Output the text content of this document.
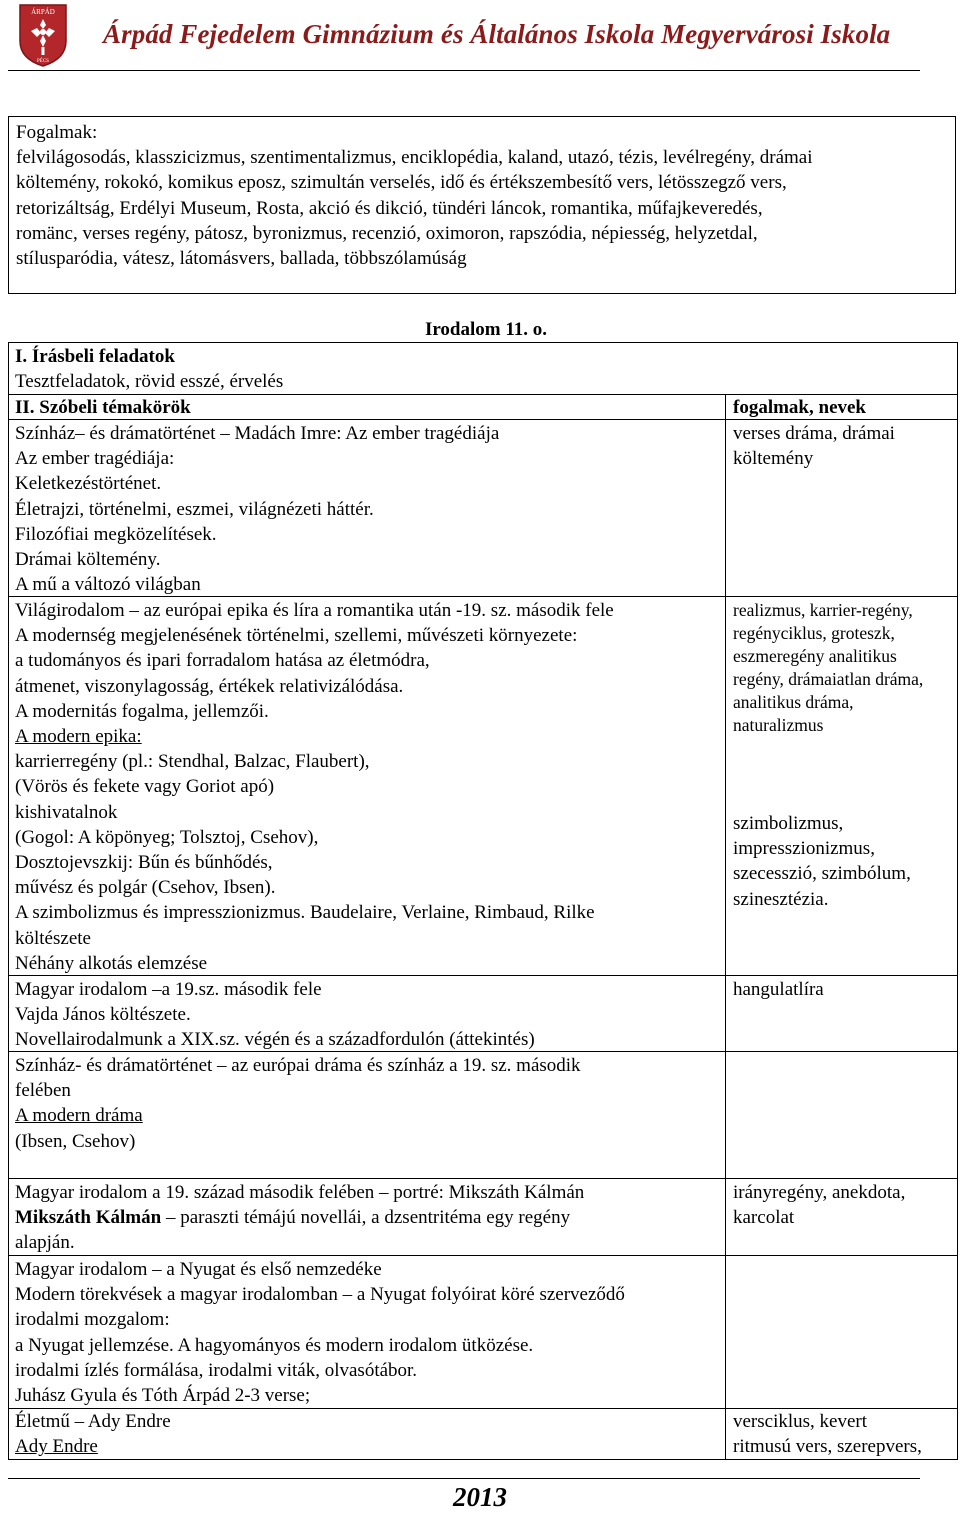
ÁRPÁD
PÉCS
Árpád Fejedelem Gimnázium és Általános Iskola Megyervárosi Iskola
Fogalmak:
felvilágosodás, klasszicizmus, szentimentalizmus, enciklopédia, kaland, utazó, tézis, levélregény, drámai
költemény, rokokó, komikus eposz, szimultán verselés, idő és értékszembesítő vers, létösszegző vers,
retorizáltság, Erdélyi Museum, Rosta, akció és dikció, tündéri láncok, romantika, műfajkeveredés,
romänc, verses regény, pátosz, byronizmus, recenzió, oximoron, rapszódia, népiesség, helyzetdal,
stílusparódia, vátesz, látomásvers, ballada, többszólamúság
Irodalom 11. o.
I. Írásbeli feladatok
Tesztfeladatok, rövid esszé, érvelés
II. Szóbeli témakörök	fogalmak, nevek
Színház– és drámatörténet – Madách Imre: Az ember tragédiája
Az ember tragédiája:
Keletkezéstörténet.
Életrajzi, történelmi, eszmei, világnézeti háttér.
Filozófiai megközelítések.
Drámai költemény.
A mű a változó világban
verses dráma, drámai
költemény
Világirodalom – az európai epika és líra a romantika után -19. sz. második fele
A modernség megjelenésének történelmi, szellemi, művészeti környezete:
a tudományos és ipari forradalom hatása az életmódra,
átmenet, viszonylagosság, értékek relativizálódása.
A modernitás fogalma, jellemzői.
A modern epika:
karrierregény (pl.: Stendhal, Balzac, Flaubert),
(Vörös és fekete vagy Goriot apó)
kishivatalnok
(Gogol: A köpönyeg; Tolsztoj, Csehov),
Dosztojevszkij: Bűn és bűnhődés,
művész és polgár (Csehov, Ibsen).
A szimbolizmus és impresszionizmus. Baudelaire, Verlaine, Rimbaud, Rilke
költészete
Néhány alkotás elemzése
realizmus, karrier-regény,
regényciklus, groteszk,
eszmeregény analitikus
regény, drámaiatlan dráma,
analitikus dráma,
naturalizmus
szimbolizmus,
impresszionizmus,
szecesszió, szimbólum,
szinesztézia.
Magyar irodalom –a 19.sz. második fele
Vajda János költészete.
Novellairodalmunk a XIX.sz. végén és a századfordulón (áttekintés)
hangulatlíra
Színház- és drámatörténet – az európai dráma és színház a 19. sz. második
felében
A modern dráma
(Ibsen, Csehov)
Magyar irodalom a 19. század második felében – portré: Mikszáth Kálmán
Mikszáth Kálmán – paraszti témájú novellái, a dzsentritéma egy regény
alapján.
irányregény, anekdota,
karcolat
Magyar irodalom – a Nyugat és első nemzedéke
Modern törekvések a magyar irodalomban – a Nyugat folyóirat köré szerveződő
irodalmi mozgalom:
a Nyugat jellemzése. A hagyományos és modern irodalom ütközése.
irodalmi ízlés formálása, irodalmi viták, olvasótábor.
Juhász Gyula és Tóth Árpád 2-3 verse;
Életmű – Ady Endre
Ady Endre
versciklus, kevert
ritmusú vers, szerepvers,
2013
